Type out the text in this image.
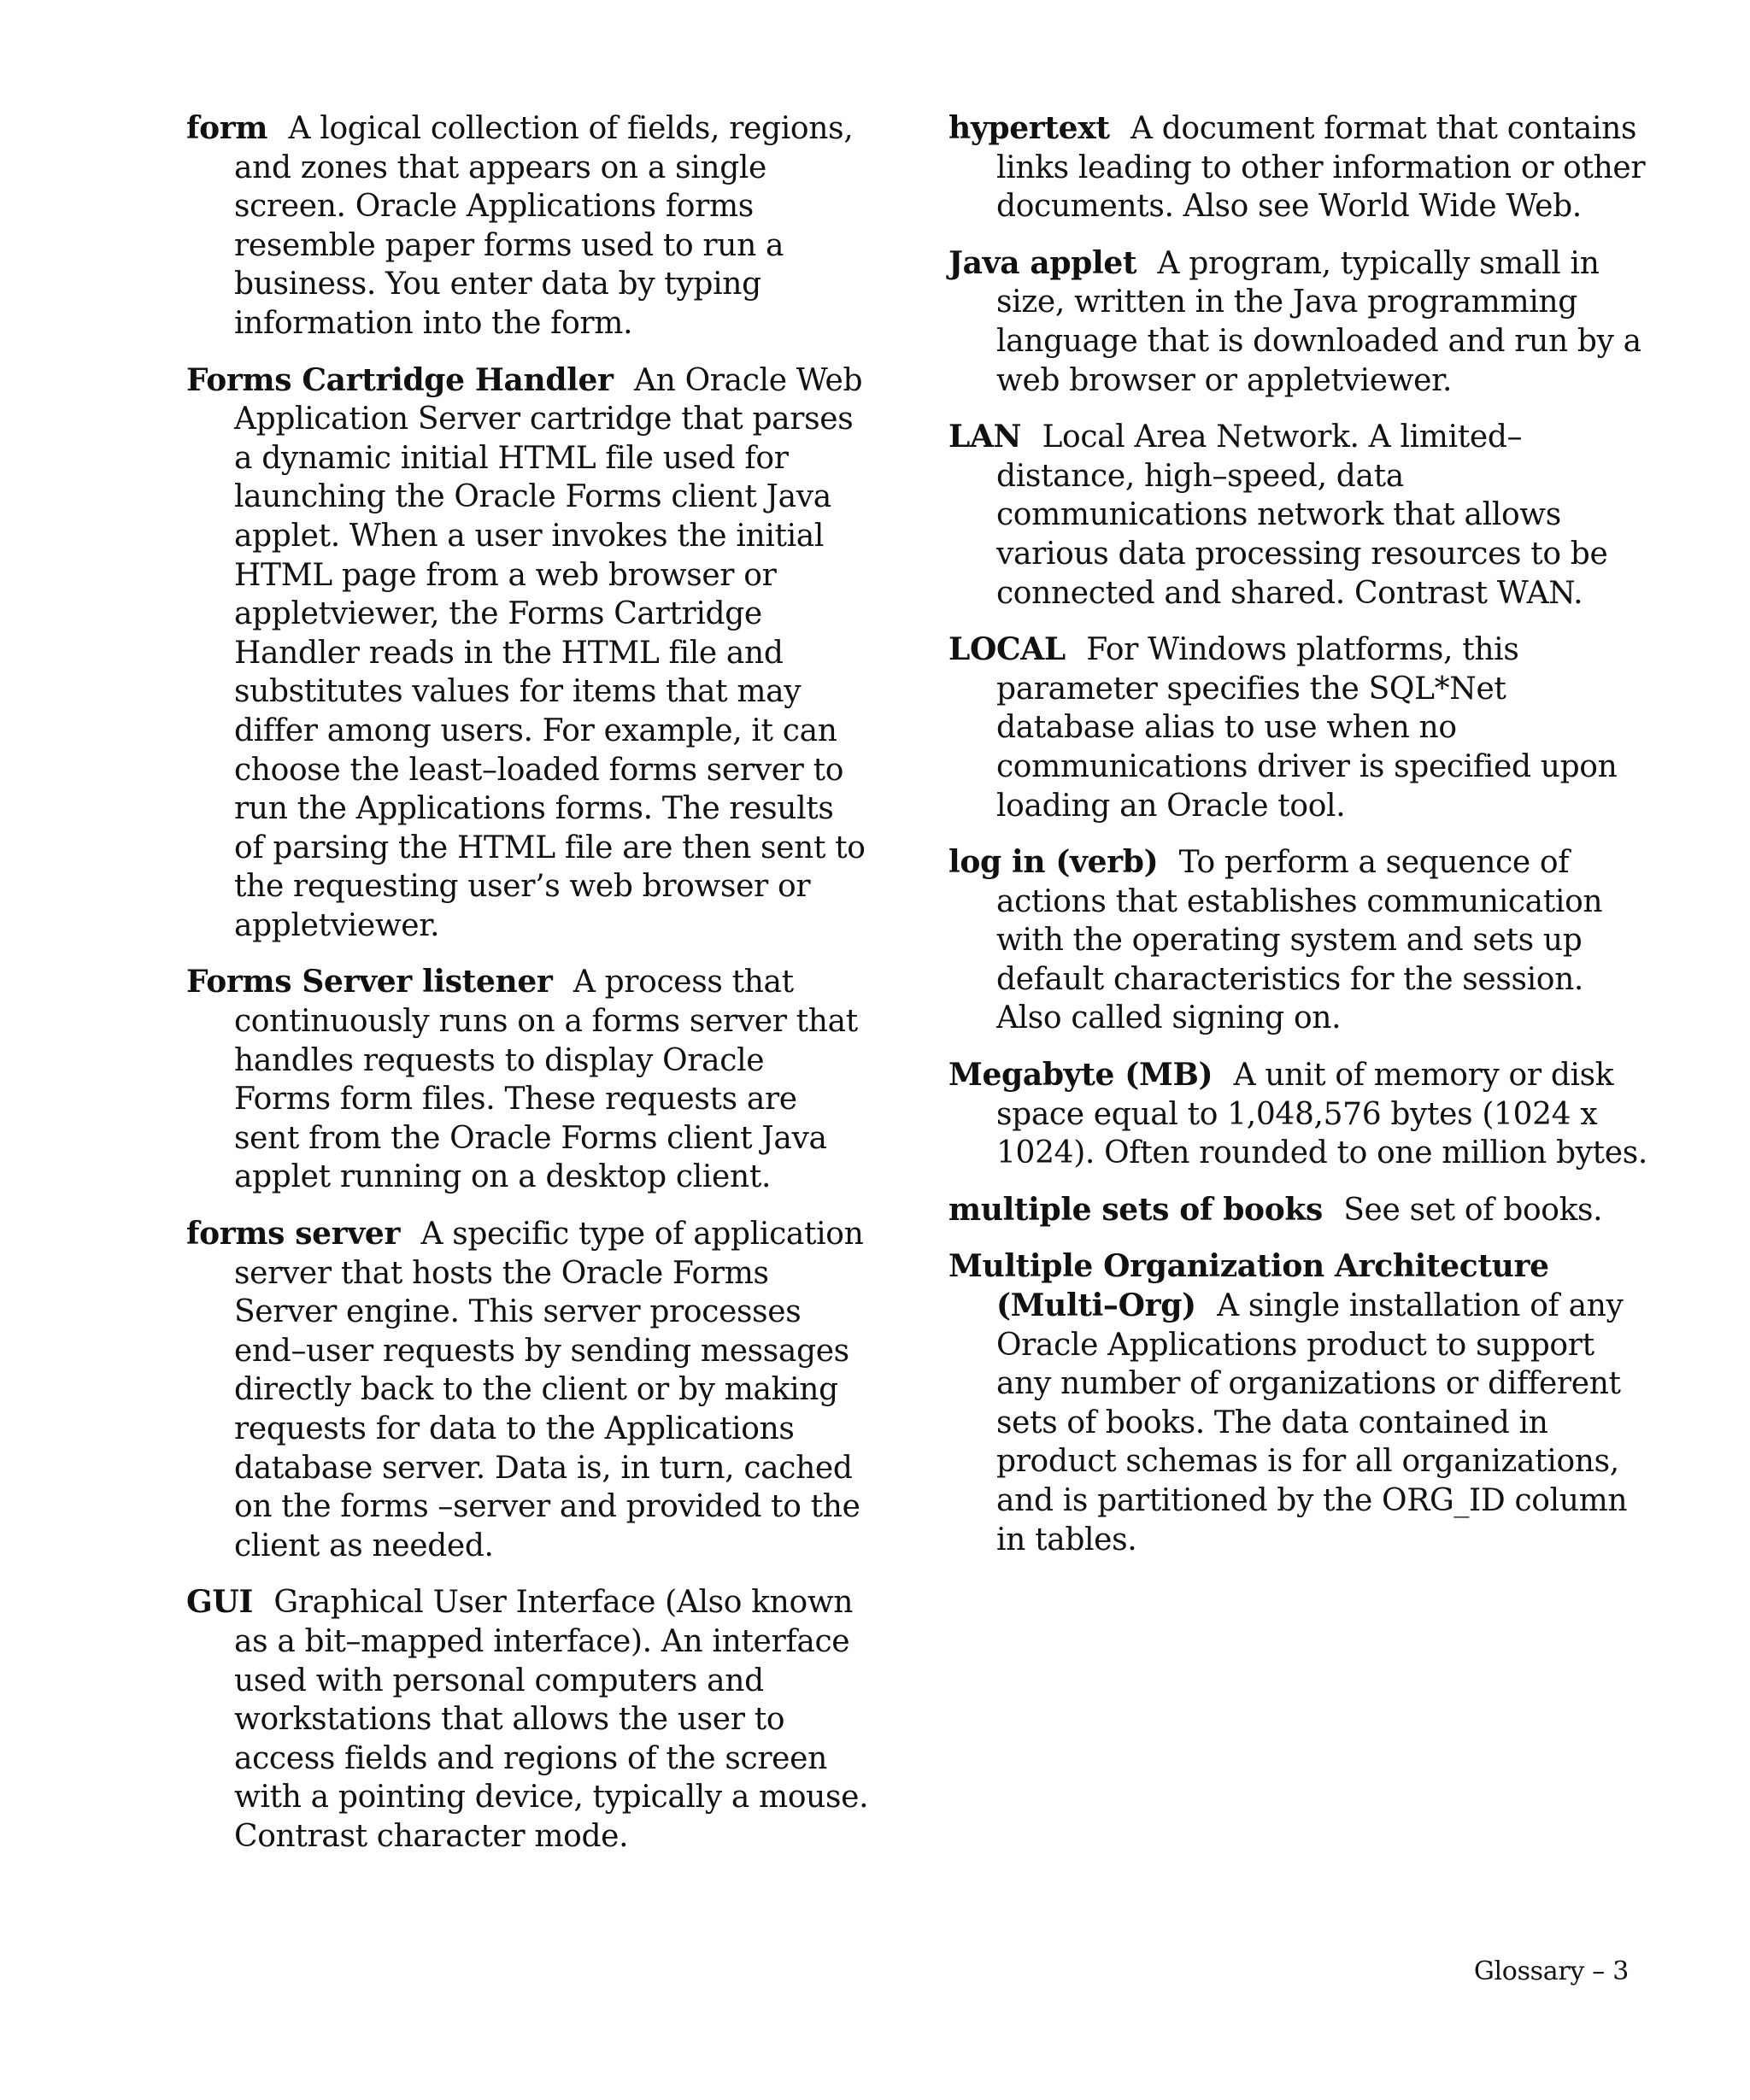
form A logical collection of fields, regions, and zones that appears on a single screen. Oracle Applications forms resemble paper forms used to run a business. You enter data by typing information into the form.

Forms Cartridge Handler An Oracle Web Application Server cartridge that parses a dynamic initial HTML file used for launching the Oracle Forms client Java applet. When a user invokes the initial HTML page from a web browser or appletviewer, the Forms Cartridge Handler reads in the HTML file and substitutes values for items that may differ among users. For example, it can choose the least–loaded forms server to run the Applications forms. The results of parsing the HTML file are then sent to the requesting user’s web browser or appletviewer.

Forms Server listener A process that continuously runs on a forms server that handles requests to display Oracle Forms form files. These requests are sent from the Oracle Forms client Java applet running on a desktop client.

forms server A specific type of application server that hosts the Oracle Forms Server engine. This server processes end–user requests by sending messages directly back to the client or by making requests for data to the Applications database server. Data is, in turn, cached on the forms –server and provided to the client as needed.

GUI Graphical User Interface (Also known as a bit–mapped interface). An interface used with personal computers and workstations that allows the user to access fields and regions of the screen with a pointing device, typically a mouse. Contrast character mode.

hypertext A document format that contains links leading to other information or other documents. Also see World Wide Web.

Java applet A program, typically small in size, written in the Java programming language that is downloaded and run by a web browser or appletviewer.

LAN Local Area Network. A limited–distance, high–speed, data communications network that allows various data processing resources to be connected and shared. Contrast WAN.

LOCAL For Windows platforms, this parameter specifies the SQL*Net database alias to use when no communications driver is specified upon loading an Oracle tool.

log in (verb) To perform a sequence of actions that establishes communication with the operating system and sets up default characteristics for the session. Also called signing on.

Megabyte (MB) A unit of memory or disk space equal to 1,048,576 bytes (1024 x 1024). Often rounded to one million bytes.

multiple sets of books See set of books.

Multiple Organization Architecture (Multi–Org) A single installation of any Oracle Applications product to support any number of organizations or different sets of books. The data contained in product schemas is for all organizations, and is partitioned by the ORG_ID column in tables.

Glossary – 3
